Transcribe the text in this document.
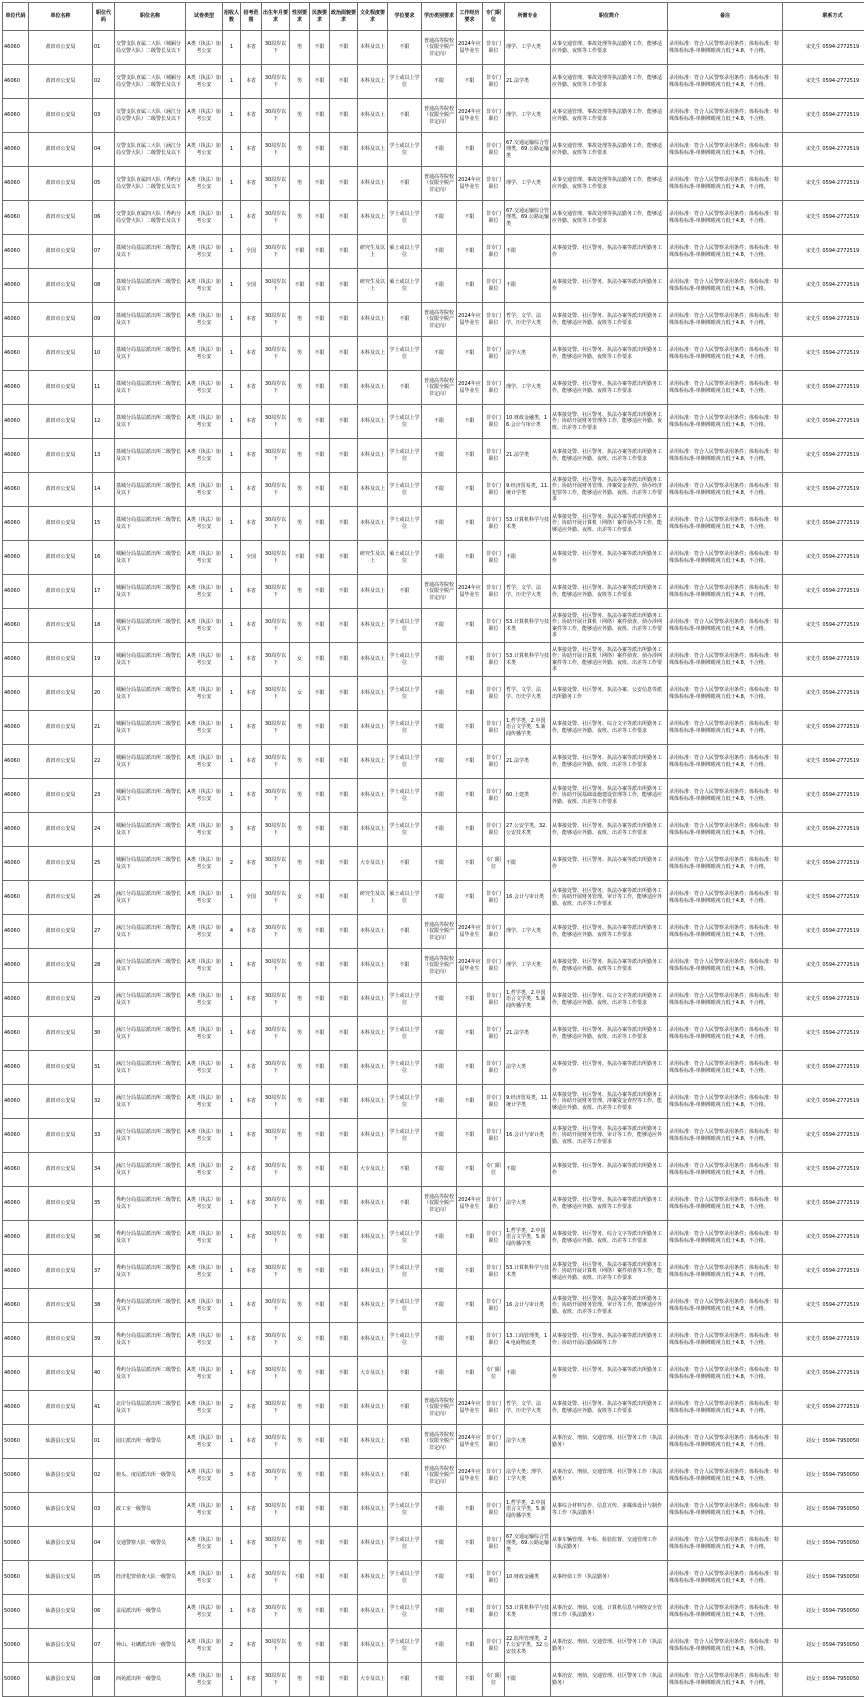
单位代码	单位名称	职位代码	职位名称	试卷类型	招收人数	招考范围	出生年月要求	性别要求	民族要求	政治面貌要求	文化程度要求	学位要求	学历类别要求	工作经历要求	专门职位	所需专业	职位简介	备注	联系方式
46060	莆田市公安局	01	交警支队直属二大队（城厢分局交警大队）二级警长及以下	A类（执法）加考公安	1	本省	30周岁以下	男	不限	不限	本科及以上	不限	普通高等院校（仅限全脱产非定向）	2024年应届毕业生	非专门职位	理学、工学大类	从事交通管理、事故处理等执法勤务工作，能够适应外勤、夜班等工作要求	录用标准：符合人民警察录用条件；体检标准：特殊体检标准-单侧裸眼视力低于4.8，不合格。	宋先生 0594-2772519
46060	莆田市公安局	02	交警支队直属二大队（城厢分局交警大队）二级警长及以下	A类（执法）加考公安	1	本省	30周岁以下	男	不限	不限	本科及以上	学士或以上学位	不限	不限	非专门职位	21.法学类	从事交通管理、事故处理等执法勤务工作，能够适应外勤、夜班等工作要求	录用标准：符合人民警察录用条件；体检标准：特殊体检标准-单侧裸眼视力低于4.8，不合格。	宋先生 0594-2772519
46060	莆田市公安局	03	交警支队直属三大队（涵江分局交警大队）二级警长及以下	A类（执法）加考公安	1	本省	30周岁以下	男	不限	不限	本科及以上	不限	普通高等院校（仅限全脱产非定向）	2024年应届毕业生	非专门职位	理学、工学大类	从事交通管理、事故处理等执法勤务工作，能够适应外勤、夜班等工作要求	录用标准：符合人民警察录用条件；体检标准：特殊体检标准-单侧裸眼视力低于4.8，不合格。	宋先生 0594-2772519
46060	莆田市公安局	04	交警支队直属三大队（涵江分局交警大队）二级警长及以下	A类（执法）加考公安	1	本省	30周岁以下	男	不限	不限	本科及以上	学士或以上学位	不限	不限	非专门职位	67.交通运输综合管理类，69.公路运输类	从事交通管理、事故处理等执法勤务工作，能够适应外勤、夜班等工作要求	录用标准：符合人民警察录用条件；体检标准：特殊体检标准-单侧裸眼视力低于4.8，不合格。	宋先生 0594-2772519
46060	莆田市公安局	05	交警支队直属四大队（秀屿分局交警大队）二级警长及以下	A类（执法）加考公安	1	本省	30周岁以下	男	不限	不限	本科及以上	不限	普通高等院校（仅限全脱产非定向）	2024年应届毕业生	非专门职位	理学、工学大类	从事交通管理、事故处理等执法勤务工作，能够适应外勤、夜班等工作要求	录用标准：符合人民警察录用条件；体检标准：特殊体检标准-单侧裸眼视力低于4.8，不合格。	宋先生 0594-2772519
46060	莆田市公安局	06	交警支队直属四大队（秀屿分局交警大队）二级警长及以下	A类（执法）加考公安	1	本省	30周岁以下	男	不限	不限	本科及以上	学士或以上学位	不限	不限	非专门职位	67.交通运输综合管理类，69.公路运输类	从事交通管理、事故处理等执法勤务工作，能够适应外勤、夜班等工作要求	录用标准：符合人民警察录用条件；体检标准：特殊体检标准-单侧裸眼视力低于4.8，不合格。	宋先生 0594-2772519
46060	莆田市公安局	07	荔城分局基层派出所二级警长及以下	A类（执法）加考公安	1	全国	30周岁以下	不限	不限	不限	研究生及以上	硕士或以上学位	不限	不限	非专门职位	不限	从事接处警、社区警务、执法办案等派出所勤务工作	录用标准：符合人民警察录用条件；体检标准：特殊体检标准-单侧裸眼视力低于4.8，不合格。	宋先生 0594-2772519
46060	莆田市公安局	08	荔城分局基层派出所二级警长及以下	A类（执法）加考公安	1	全国	30周岁以下	不限	不限	不限	研究生及以上	硕士或以上学位	不限	不限	非专门职位	不限	从事接处警、社区警务、执法办案等派出所勤务工作	录用标准：符合人民警察录用条件；体检标准：特殊体检标准-单侧裸眼视力低于4.8，不合格。	宋先生 0594-2772519
46060	莆田市公安局	09	荔城分局基层派出所二级警长及以下	A类（执法）加考公安	1	本省	30周岁以下	男	不限	不限	本科及以上	不限	普通高等院校（仅限全脱产非定向）	2024年应届毕业生	非专门职位	哲学、文学、法学、历史学大类	从事接处警、社区警务、执法办案等派出所勤务工作，能够适应外勤、夜班等工作要求	录用标准：符合人民警察录用条件；体检标准：特殊体检标准-单侧裸眼视力低于4.8，不合格。	宋先生 0594-2772519
46060	莆田市公安局	10	荔城分局基层派出所二级警长及以下	A类（执法）加考公安	1	本省	30周岁以下	男	不限	不限	本科及以上	学士或以上学位	不限	不限	非专门职位	法学大类	从事接处警、社区警务、执法办案等派出所勤务工作，能够适应外勤、夜班等工作要求	录用标准：符合人民警察录用条件；体检标准：特殊体检标准-单侧裸眼视力低于4.8，不合格。	宋先生 0594-2772519
46060	莆田市公安局	11	荔城分局基层派出所二级警长及以下	A类（执法）加考公安	1	本省	30周岁以下	男	不限	不限	本科及以上	不限	普通高等院校（仅限全脱产非定向）	2024年应届毕业生	非专门职位	理学、工学大类	从事接处警、社区警务、执法办案等派出所勤务工作，能够适应外勤、夜班等工作要求	录用标准：符合人民警察录用条件；体检标准：特殊体检标准-单侧裸眼视力低于4.8，不合格。	宋先生 0594-2772519
46060	莆田市公安局	12	荔城分局基层派出所二级警长及以下	A类（执法）加考公安	1	本省	30周岁以下	男	不限	不限	本科及以上	学士或以上学位	不限	不限	非专门职位	10.财政金融类，16.会计与审计类	从事接处警、社区警务、执法办案等派出所勤务工作；协助开展财务管理等工作，能够适应外勤、夜班、出差等工作要求	录用标准：符合人民警察录用条件；体检标准：特殊体检标准-单侧裸眼视力低于4.8，不合格。	宋先生 0594-2772519
46060	莆田市公安局	13	荔城分局基层派出所二级警长及以下	A类（执法）加考公安	1	本省	30周岁以下	男	不限	不限	本科及以上	学士或以上学位	不限	不限	非专门职位	21.法学类	从事接处警、社区警务、执法办案等派出所勤务工作，能够适应外勤、夜班、出差等工作要求	录用标准：符合人民警察录用条件；体检标准：特殊体检标准-单侧裸眼视力低于4.8，不合格。	宋先生 0594-2772519
46060	莆田市公安局	14	荔城分局基层派出所二级警长及以下	A类（执法）加考公安	1	本省	30周岁以下	男	不限	不限	本科及以上	学士或以上学位	不限	不限	非专门职位	9.经济贸易类，11.统计学类	从事接处警、社区警务、执法办案等派出所勤务工作；协助开展财务管理、涉案资金查控、侦办经济犯罪等工作，能够适应外勤、夜班、出差等工作要求	录用标准：符合人民警察录用条件；体检标准：特殊体检标准-单侧裸眼视力低于4.8，不合格。	宋先生 0594-2772519
46060	莆田市公安局	15	荔城分局基层派出所二级警长及以下	A类（执法）加考公安	1	本省	30周岁以下	男	不限	不限	本科及以上	学士或以上学位	不限	不限	非专门职位	53.计算机科学与技术类	从事接处警、社区警务、执法办案等派出所勤务工作；协助开展计算机（网络）案件侦办等工作，能够适应外勤、夜班、出差等工作要求	录用标准：符合人民警察录用条件；体检标准：特殊体检标准-单侧裸眼视力低于4.8，不合格。	宋先生 0594-2772519
46060	莆田市公安局	16	城厢分局基层派出所二级警长及以下	A类（执法）加考公安	1	全国	30周岁以下	不限	不限	不限	研究生及以上	硕士或以上学位	不限	不限	非专门职位	不限	从事接处警、社区警务、执法办案等派出所勤务工作	录用标准：符合人民警察录用条件；体检标准：特殊体检标准-单侧裸眼视力低于4.8，不合格。	宋先生 0594-2772519
46060	莆田市公安局	17	城厢分局基层派出所二级警长及以下	A类（执法）加考公安	1	本省	30周岁以下	男	不限	不限	本科及以上	不限	普通高等院校（仅限全脱产非定向）	2024年应届毕业生	非专门职位	哲学、文学、法学、历史学大类	从事接处警、社区警务、执法办案等派出所勤务工作，能够适应外勤、夜班等工作要求	录用标准：符合人民警察录用条件；体检标准：特殊体检标准-单侧裸眼视力低于4.8，不合格。	宋先生 0594-2772519
46060	莆田市公安局	18	城厢分局基层派出所二级警长及以下	A类（执法）加考公安	1	本省	30周岁以下	男	不限	不限	本科及以上	学士或以上学位	不限	不限	非专门职位	53.计算机科学与技术类	从事接处警、社区警务、执法办案等派出所勤务工作；协助开展计算机（网络）案件侦查、侦办涉网案件等工作，能够适应外勤、夜班、出差等工作要求	录用标准：符合人民警察录用条件；体检标准：特殊体检标准-单侧裸眼视力低于4.8，不合格。	宋先生 0594-2772519
46060	莆田市公安局	19	城厢分局基层派出所二级警长及以下	A类（执法）加考公安	1	本省	30周岁以下	女	不限	不限	本科及以上	学士或以上学位	不限	不限	非专门职位	53.计算机科学与技术类	从事接处警、社区警务、执法办案等派出所勤务工作；协助开展计算机（网络）案件侦查、侦办涉网案件等工作，能够适应外勤、夜班、出差等工作要求	录用标准：符合人民警察录用条件；体检标准：特殊体检标准-单侧裸眼视力低于4.8，不合格。	宋先生 0594-2772519
46060	莆田市公安局	20	城厢分局基层派出所二级警长及以下	A类（执法）加考公安	1	本省	30周岁以下	女	不限	不限	本科及以上	学士或以上学位	不限	不限	非专门职位	哲学、文学、法学、历史学大类	从事接处警、社区警务、执法办案、公安信息等派出所勤务工作	录用标准：符合人民警察录用条件；体检标准：特殊体检标准-单侧裸眼视力低于4.8，不合格。	宋先生 0594-2772519
46060	莆田市公安局	21	城厢分局基层派出所二级警长及以下	A类（执法）加考公安	1	本省	30周岁以下	男	不限	不限	本科及以上	学士或以上学位	不限	不限	非专门职位	1.哲学类，2.中国语言文学类，5.新闻传播学类	从事接处警、社区警务、综合文字等派出所勤务工作，能够适应外勤、夜班、出差等工作要求	录用标准：符合人民警察录用条件；体检标准：特殊体检标准-单侧裸眼视力低于4.8，不合格。	宋先生 0594-2772519
46060	莆田市公安局	22	城厢分局基层派出所二级警长及以下	A类（执法）加考公安	1	本省	30周岁以下	男	不限	不限	本科及以上	学士或以上学位	不限	不限	非专门职位	21.法学类	从事接处警、社区警务、执法办案等派出所勤务工作，能够适应外勤、夜班、出差等工作要求	录用标准：符合人民警察录用条件；体检标准：特殊体检标准-单侧裸眼视力低于4.8，不合格。	宋先生 0594-2772519
46060	莆田市公安局	23	城厢分局基层派出所二级警长及以下	A类（执法）加考公安	1	本省	30周岁以下	男	不限	不限	本科及以上	学士或以上学位	不限	不限	非专门职位	60.土建类	从事接处警、社区警务、执法办案等派出所勤务工作；协助开展基础设施建设管理等工作，能够适应外勤、夜班、出差等工作要求	录用标准：符合人民警察录用条件；体检标准：特殊体检标准-单侧裸眼视力低于4.8，不合格。	宋先生 0594-2772519
46060	莆田市公安局	24	城厢分局基层派出所二级警长及以下	A类（执法）加考公安	3	本省	30周岁以下	男	不限	不限	本科及以上	学士或以上学位	不限	不限	非专门职位	27.公安学类，32.公安技术类	从事接处警、社区警务、执法办案等派出所勤务工作，能够适应外勤、夜班、出差等工作要求	录用标准：符合人民警察录用条件；体检标准：特殊体检标准-单侧裸眼视力低于4.8，不合格。	宋先生 0594-2772519
46060	莆田市公安局	25	城厢分局基层派出所二级警长及以下	A类（执法）加考公安	2	本省	30周岁以下	男	不限	不限	大专及以上	不限	不限	不限	专门职位	不限	从事接处警、社区警务、执法办案等派出所勤务工作	录用标准：符合人民警察录用条件；体检标准：特殊体检标准-单侧裸眼视力低于4.8，不合格。	宋先生 0594-2772519
46060	莆田市公安局	26	涵江分局基层派出所二级警长及以下	A类（执法）加考公安	1	全国	30周岁以下	女	不限	不限	研究生及以上	硕士或以上学位	不限	不限	非专门职位	16.会计与审计类	从事接处警、社区警务、执法办案等派出所勤务工作；协助开展财务管理、审计等工作，能够适应外勤、夜班、出差等工作要求	录用标准：符合人民警察录用条件；体检标准：特殊体检标准-单侧裸眼视力低于4.8，不合格。	宋先生 0594-2772519
46060	莆田市公安局	27	涵江分局基层派出所二级警长及以下	A类（执法）加考公安	4	本省	30周岁以下	男	不限	不限	本科及以上	不限	普通高等院校（仅限全脱产非定向）	2024年应届毕业生	非专门职位	理学、工学大类	从事接处警、社区警务、执法办案等派出所勤务工作，能够适应外勤、夜班等工作要求	录用标准：符合人民警察录用条件；体检标准：特殊体检标准-单侧裸眼视力低于4.8，不合格。	宋先生 0594-2772519
46060	莆田市公安局	28	涵江分局基层派出所二级警长及以下	A类（执法）加考公安	1	本省	30周岁以下	男	不限	不限	本科及以上	不限	普通高等院校（仅限全脱产非定向）	2024年应届毕业生	非专门职位	理学、工学大类	从事接处警、社区警务、执法办案等派出所勤务工作，能够适应外勤、夜班等工作要求	录用标准：符合人民警察录用条件；体检标准：特殊体检标准-单侧裸眼视力低于4.8，不合格。	宋先生 0594-2772519
46060	莆田市公安局	29	涵江分局基层派出所二级警长及以下	A类（执法）加考公安	1	本省	30周岁以下	男	不限	不限	本科及以上	学士或以上学位	不限	不限	非专门职位	1.哲学类，2.中国语言文学类，5.新闻传播学类	从事接处警、社区警务、综合文字等派出所勤务工作，能够适应外勤、夜班、出差等工作要求	录用标准：符合人民警察录用条件；体检标准：特殊体检标准-单侧裸眼视力低于4.8，不合格。	宋先生 0594-2772519
46060	莆田市公安局	30	涵江分局基层派出所二级警长及以下	A类（执法）加考公安	1	本省	30周岁以下	男	不限	不限	本科及以上	学士或以上学位	不限	不限	非专门职位	21.法学类	从事接处警、社区警务、执法办案等派出所勤务工作，能够适应外勤、夜班、出差等工作要求	录用标准：符合人民警察录用条件；体检标准：特殊体检标准-单侧裸眼视力低于4.8，不合格。	宋先生 0594-2772519
46060	莆田市公安局	31	涵江分局基层派出所二级警长及以下	A类（执法）加考公安	1	本省	30周岁以下	男	不限	不限	本科及以上	学士或以上学位	不限	不限	非专门职位	法学大类	从事接处警、社区警务、执法办案等派出所勤务工作	录用标准：符合人民警察录用条件；体检标准：特殊体检标准-单侧裸眼视力低于4.8，不合格。	宋先生 0594-2772519
46060	莆田市公安局	32	涵江分局基层派出所二级警长及以下	A类（执法）加考公安	1	本省	30周岁以下	男	不限	不限	本科及以上	学士或以上学位	不限	不限	非专门职位	9.经济贸易类，11.统计学类	从事接处警、社区警务、执法办案等派出所勤务工作；协助开展财务管理、涉案资金查控等工作，能够适应外勤、夜班、出差等工作要求	录用标准：符合人民警察录用条件；体检标准：特殊体检标准-单侧裸眼视力低于4.8，不合格。	宋先生 0594-2772519
46060	莆田市公安局	33	涵江分局基层派出所二级警长及以下	A类（执法）加考公安	1	本省	30周岁以下	男	不限	不限	本科及以上	学士或以上学位	不限	不限	非专门职位	16.会计与审计类	从事接处警、社区警务、执法办案等派出所勤务工作；协助开展财务管理、审计等工作，能够适应外勤、夜班、出差等工作要求	录用标准：符合人民警察录用条件；体检标准：特殊体检标准-单侧裸眼视力低于4.8，不合格。	宋先生 0594-2772519
46060	莆田市公安局	34	涵江分局基层派出所二级警长及以下	A类（执法）加考公安	2	本省	30周岁以下	男	不限	不限	大专及以上	不限	不限	不限	专门职位	不限	从事接处警、社区警务、执法办案等派出所勤务工作	录用标准：符合人民警察录用条件；体检标准：特殊体检标准-单侧裸眼视力低于4.8，不合格。	宋先生 0594-2772519
46060	莆田市公安局	35	秀屿分局基层派出所二级警长及以下	A类（执法）加考公安	1	本省	30周岁以下	男	不限	不限	本科及以上	不限	普通高等院校（仅限全脱产非定向）	2024年应届毕业生	非专门职位	法学大类	从事接处警、社区警务、执法办案等派出所勤务工作，能够适应外勤、夜班等工作要求	录用标准：符合人民警察录用条件；体检标准：特殊体检标准-单侧裸眼视力低于4.8，不合格。	宋先生 0594-2772519
46060	莆田市公安局	36	秀屿分局基层派出所二级警长及以下	A类（执法）加考公安	1	本省	30周岁以下	男	不限	不限	本科及以上	学士或以上学位	不限	不限	非专门职位	1.哲学类，2.中国语言文学类，5.新闻传播学类	从事接处警、社区警务、综合文字等派出所勤务工作，能够适应外勤、夜班、出差等工作要求	录用标准：符合人民警察录用条件；体检标准：特殊体检标准-单侧裸眼视力低于4.8，不合格。	宋先生 0594-2772519
46060	莆田市公安局	37	秀屿分局基层派出所二级警长及以下	A类（执法）加考公安	1	本省	30周岁以下	男	不限	不限	本科及以上	学士或以上学位	不限	不限	非专门职位	53.计算机科学与技术类	从事接处警、社区警务、执法办案等派出所勤务工作；协助开展计算机（网络）案件侦查等工作，能够适应外勤、夜班、出差等工作要求	录用标准：符合人民警察录用条件；体检标准：特殊体检标准-单侧裸眼视力低于4.8，不合格。	宋先生 0594-2772519
46060	莆田市公安局	38	秀屿分局基层派出所二级警长及以下	A类（执法）加考公安	1	本省	30周岁以下	男	不限	不限	本科及以上	学士或以上学位	不限	不限	非专门职位	16.会计与审计类	从事接处警、社区警务、执法办案等派出所勤务工作；协助开展财务管理、审计等工作，能够适应外勤、夜班、出差等工作要求	录用标准：符合人民警察录用条件；体检标准：特殊体检标准-单侧裸眼视力低于4.8，不合格。	宋先生 0594-2772519
46060	莆田市公安局	39	秀屿分局基层派出所二级警长及以下	A类（执法）加考公安	1	本省	30周岁以下	女	不限	不限	本科及以上	学士或以上学位	不限	不限	非专门职位	13.工商管理类，14.电商物流类	从事接处警、社区警务、执法办案等派出所勤务工作；协助开展后勤保障等工作	录用标准：符合人民警察录用条件；体检标准：特殊体检标准-单侧裸眼视力低于4.8，不合格。	宋先生 0594-2772519
46060	莆田市公安局	40	秀屿分局基层派出所二级警长及以下	A类（执法）加考公安	1	本省	30周岁以下	男	不限	不限	大专及以上	不限	不限	不限	专门职位	不限	从事接处警、社区警务、执法办案等派出所勤务工作	录用标准：符合人民警察录用条件；体检标准：特殊体检标准-单侧裸眼视力低于4.8，不合格。	宋先生 0594-2772519
46060	莆田市公安局	41	北岸分局基层派出所二级警长及以下	A类（执法）加考公安	2	本省	30周岁以下	男	不限	不限	本科及以上	不限	普通高等院校（仅限全脱产非定向）	2024年应届毕业生	非专门职位	哲学、文学、法学、历史学大类	从事接处警、社区警务、执法办案等派出所勤务工作，能够适应外勤、夜班等工作要求	录用标准：符合人民警察录用条件；体检标准：特殊体检标准-单侧裸眼视力低于4.8，不合格。	宋先生 0594-2772519
50060	仙游县公安局	01	园庄派出所一级警员	A类（执法）加考公安	1	本省	30周岁以下	男	不限	不限	本科及以上	不限	普通高等院校（仅限全脱产非定向）	2024年应届毕业生	非专门职位	法学大类	从事治安、刑侦、交通管理、社区警务工作（执法勤务）	录用标准：符合人民警察录用条件；体检标准：特殊体检标准-单侧裸眼视力低于4.8，不合格。	刘女士 0594-7950050
50060	仙游县公安局	02	榜头、度尾派出所一级警员	A类（执法）加考公安	3	本省	30周岁以下	男	不限	不限	本科及以上	不限	普通高等院校（仅限全脱产非定向）	2024年应届毕业生	非专门职位	法学大类；理学、工学大类	从事治安、刑侦、交通管理、社区警务工作（执法勤务）	录用标准：符合人民警察录用条件；体检标准：特殊体检标准-单侧裸眼视力低于4.8，不合格。	刘女士 0594-7950050
50060	仙游县公安局	03	政工室一级警员	A类（执法）加考公安	1	本省	30周岁以下	不限	不限	不限	本科及以上	学士或以上学位	不限	不限	非专门职位	1.哲学类，2.中国语言文学类，5.新闻传播学类	从事综合材料写作、信息宣传、多媒体设计与制作等工作（执法勤务）	录用标准：符合人民警察录用条件；体检标准：特殊体检标准-单侧裸眼视力低于4.8，不合格。	刘女士 0594-7950050
50060	仙游县公安局	04	交通警察大队一级警员	A类（执法）加考公安	1	本省	30周岁以下	男	不限	不限	本科及以上	学士或以上学位	不限	不限	非专门职位	67.交通运输综合管理类，69.公路运输类	从事车辆管理、年检、检验监督、交通管理工作（执法勤务）	录用标准：符合人民警察录用条件；体检标准：特殊体检标准-单侧裸眼视力低于4.8，不合格。	刘女士 0594-7950050
50060	仙游县公安局	05	经济犯罪侦查大队一级警员	A类（执法）加考公安	1	本省	30周岁以下	不限	不限	不限	本科及以上	学士或以上学位	不限	不限	非专门职位	10.财政金融类	从事经侦工作（执法勤务）	录用标准：符合人民警察录用条件；体检标准：特殊体检标准-单侧裸眼视力低于4.8，不合格。	刘女士 0594-7950050
50060	仙游县公安局	06	盖尾派出所一级警员	A类（执法）加考公安	1	本省	30周岁以下	男	不限	不限	本科及以上	学士或以上学位	不限	不限	非专门职位	53.计算机科学与技术类	从事治安、刑侦、交通、计算机信息与网络安全管理工作（执法勤务）	录用标准：符合人民警察录用条件；体检标准：特殊体检标准-单侧裸眼视力低于4.8，不合格。	刘女士 0594-7950050
50060	仙游县公安局	07	钟山、社硎派出所一级警员	A类（执法）加考公安	2	本省	30周岁以下	男	不限	不限	本科及以上	学士或以上学位	不限	不限	非专门职位	22.监所管理类，27.公安学类，32.公安技术类	从事治安、刑侦、交通管理、社区警务工作（执法勤务）	录用标准：符合人民警察录用条件；体检标准：特殊体检标准-单侧裸眼视力低于4.8，不合格。	刘女士 0594-7950050
50060	仙游县公安局	08	西苑派出所一级警员	A类（执法）加考公安	1	本省	30周岁以下	男	不限	不限	大专及以上	不限	不限	不限	专门职位	不限	从事治安、刑侦、交通管理、社区警务工作（执法勤务）	录用标准：符合人民警察录用条件；体检标准：特殊体检标准-单侧裸眼视力低于4.8，不合格。	刘女士 0594-7950050
